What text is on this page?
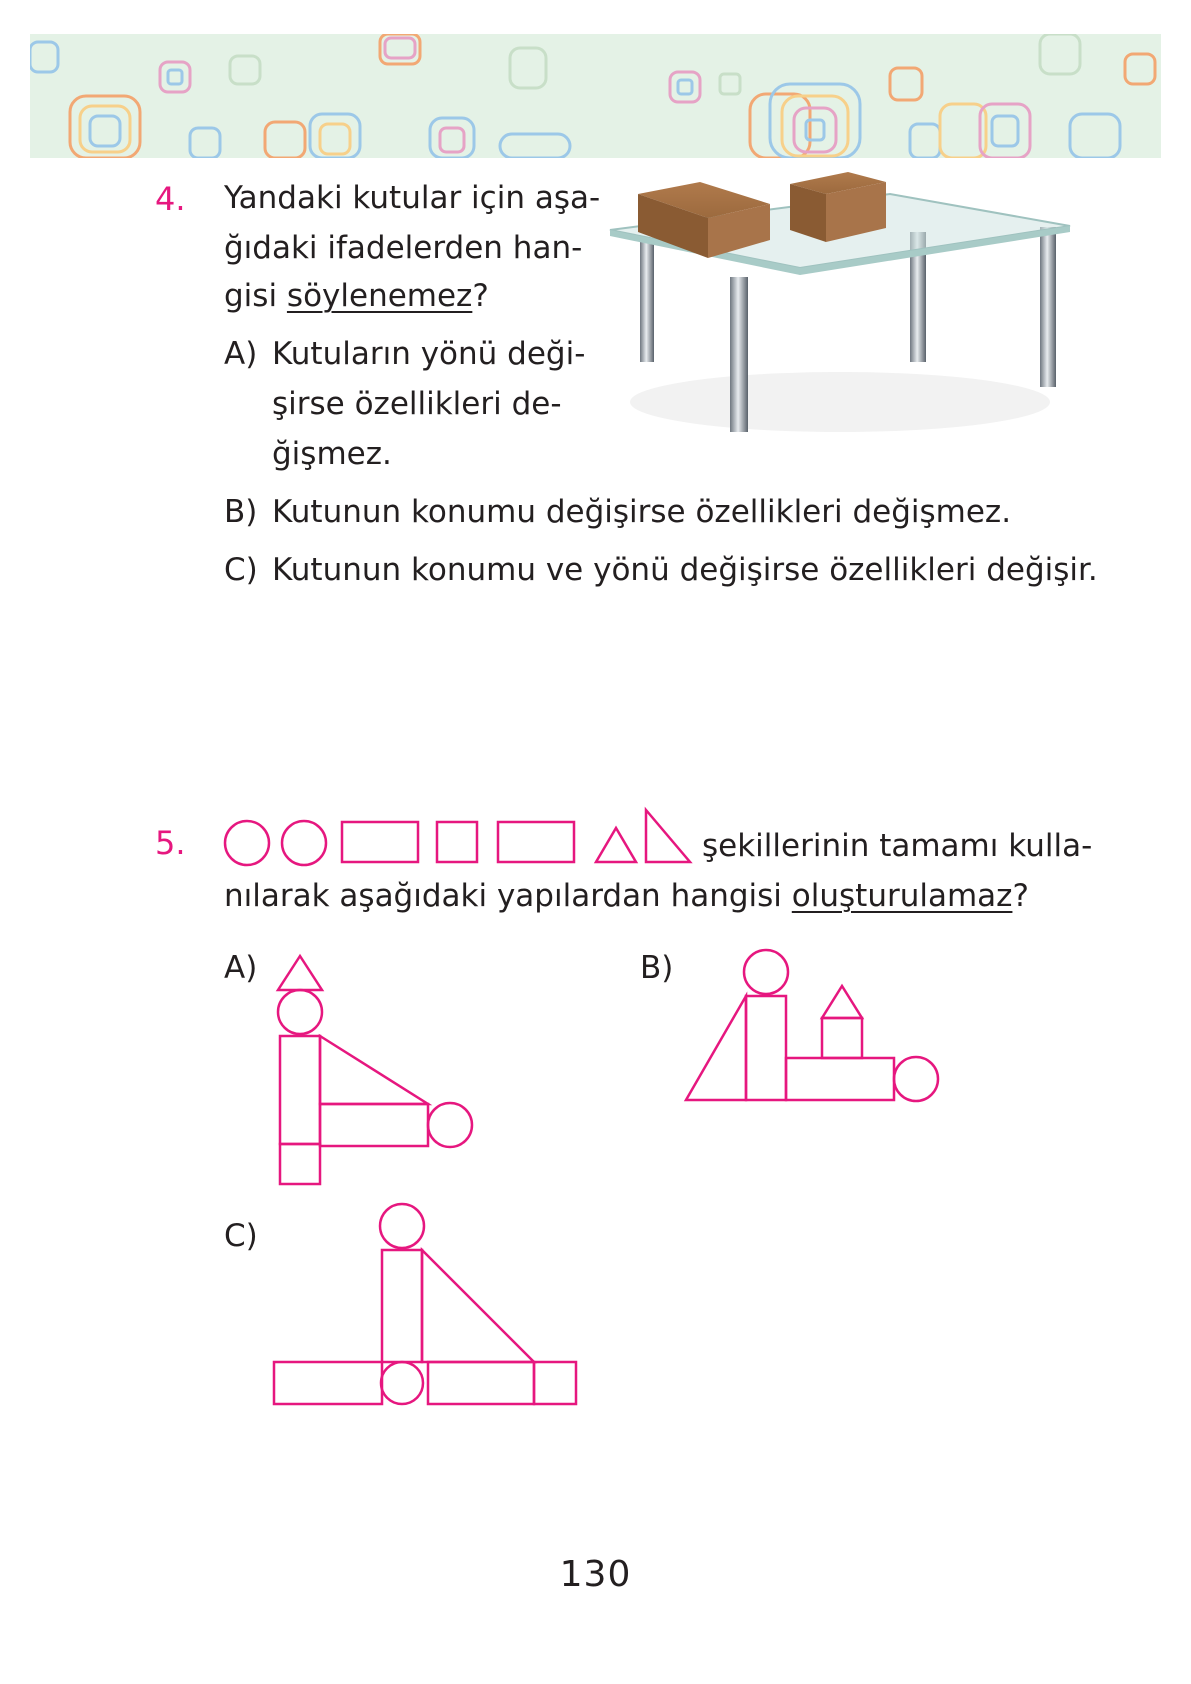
4. Yandaki kutular için aşa-
ğıdaki ifadelerden han-
gisi söylenemez?
A) Kutuların yönü deği-
şirse özellikleri de-
ğişmez.
B) Kutunun konumu değişirse özellikleri değişmez.
C) Kutunun konumu ve yönü değişirse özellikleri değişir.
5.	şekillerinin tamamı kulla-
nılarak aşağıdaki yapılardan hangisi oluşturulamaz?
A)	B)
C)
130
